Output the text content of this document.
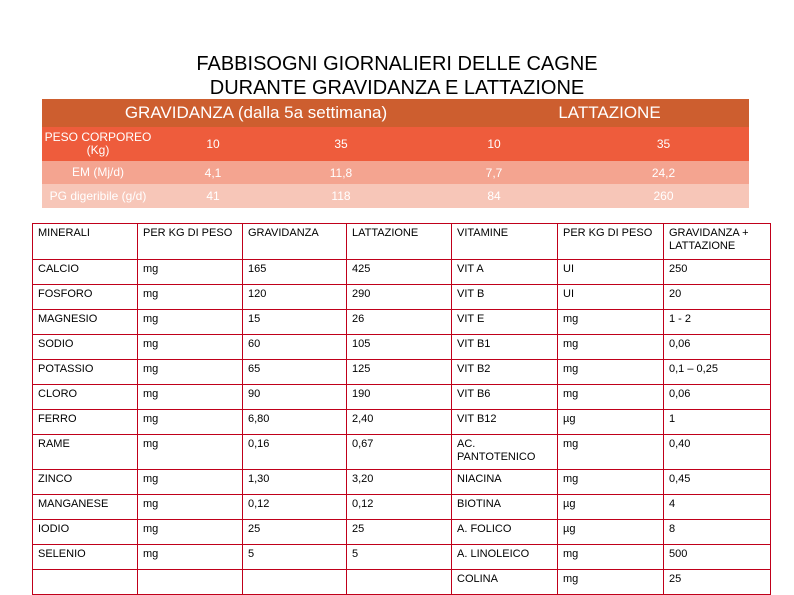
FABBISOGNI GIORNALIERI DELLE CAGNE
DURANTE GRAVIDANZA E LATTAZIONE
GRAVIDANZA (dalla 5a settimana)	LATTAZIONE
PESO CORPOREO (Kg)	10	35	10	35
EM (Mj/d)	4,1	11,8	7,7	24,2
PG digeribile (g/d)	41	118	84	260
MINERALI	PER KG DI PESO	GRAVIDANZA	LATTAZIONE	VITAMINE	PER KG DI PESO	GRAVIDANZA + LATTAZIONE
CALCIO	mg	165	425	VIT A	UI	250
FOSFORO	mg	120	290	VIT B	UI	20
MAGNESIO	mg	15	26	VIT E	mg	1 - 2
SODIO	mg	60	105	VIT B1	mg	0,06
POTASSIO	mg	65	125	VIT B2	mg	0,1 – 0,25
CLORO	mg	90	190	VIT B6	mg	0,06
FERRO	mg	6,80	2,40	VIT B12	µg	1
RAME	mg	0,16	0,67	AC. PANTOTENICO	mg	0,40
ZINCO	mg	1,30	3,20	NIACINA	mg	0,45
MANGANESE	mg	0,12	0,12	BIOTINA	µg	4
IODIO	mg	25	25	A. FOLICO	µg	8
SELENIO	mg	5	5	A. LINOLEICO	mg	500
				COLINA	mg	25
